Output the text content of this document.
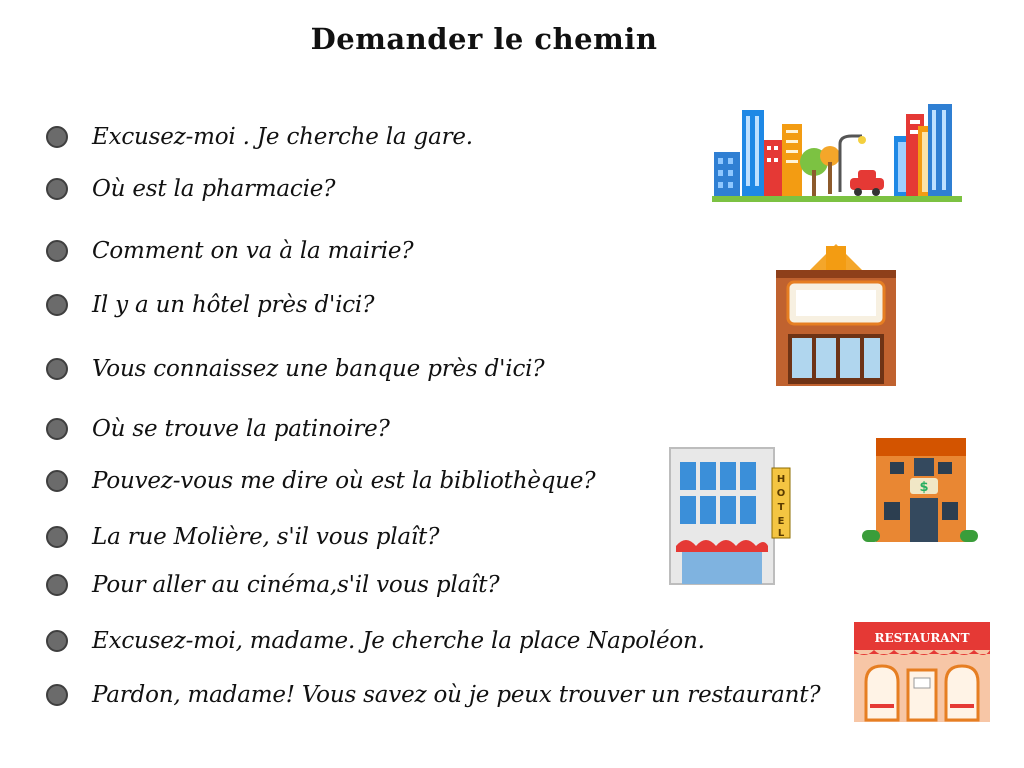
Demander le chemin
Excusez-moi . Je cherche la gare.
Où est la pharmacie?
Comment on va à la mairie?
Il y a un hôtel près d'ici?
Vous connaissez une banque près d'ici?
Où se trouve la patinoire?
Pouvez-vous me dire où est la bibliothèque?
La rue Molière, s'il vous plaît?
Pour aller au cinéma,s'il vous plaît?
Excusez-moi, madame. Je cherche la place Napoléon.
Pardon, madame! Vous savez où je peux trouver un restaurant?
H
O
T
E
L
$
RESTAURANT
